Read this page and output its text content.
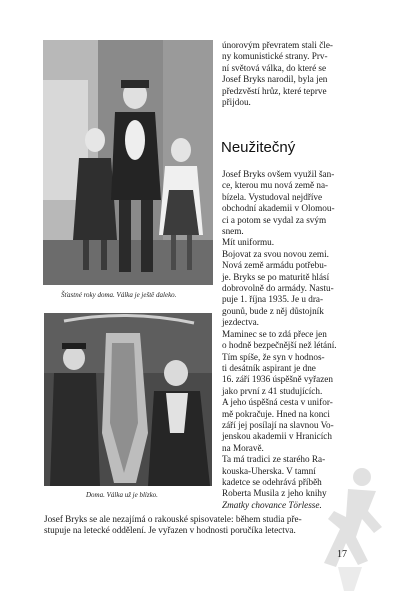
Šťastné roky doma. Válka je ještě daleko.
Doma. Válka už je blízko.
únorovým převratem stali čle-
ny komunistické strany. Prv-
ní světová válka, do které se
Josef Bryks narodil, byla jen
předzvěstí hrůz, které teprve
přijdou.
Neužitečný
Josef Bryks ovšem využil šan-
ce, kterou mu nová země na-
bízela. Vystudoval nejdříve
obchodní akademii v Olomou-
ci a potom se vydal za svým
snem.
Mít uniformu.
Bojovat za svou novou zemi.
Nová země armádu potřebu-
je. Bryks se po maturitě hlásí
dobrovolně do armády. Nastu-
puje 1. října 1935. Je u dra-
gounů, bude z něj důstojník
jezdectva.
Maminec se to zdá přece jen
o hodně bezpečnější než létání.
Tím spíše, že syn v hodnos-
ti desátník aspirant je dne
16. září 1936 úspěšně vyřazen
jako první z 41 studujících.
A jeho úspěšná cesta v unifor-
mě pokračuje. Hned na konci
září jej posílají na slavnou Vo-
jenskou akademii v Hranicích
na Moravě.
Ta má tradici ze starého Ra-
kouska-Uherska. V tamní
kadetce se odehrává příběh
Roberta Musila z jeho knihy
Zmatky chovance Törlesse.
Josef Bryks se ale nezajímá o rakouské spisovatele: během studia pře-
stupuje na letecké oddělení. Je vyřazen v hodnosti poručíka letectva.
17
